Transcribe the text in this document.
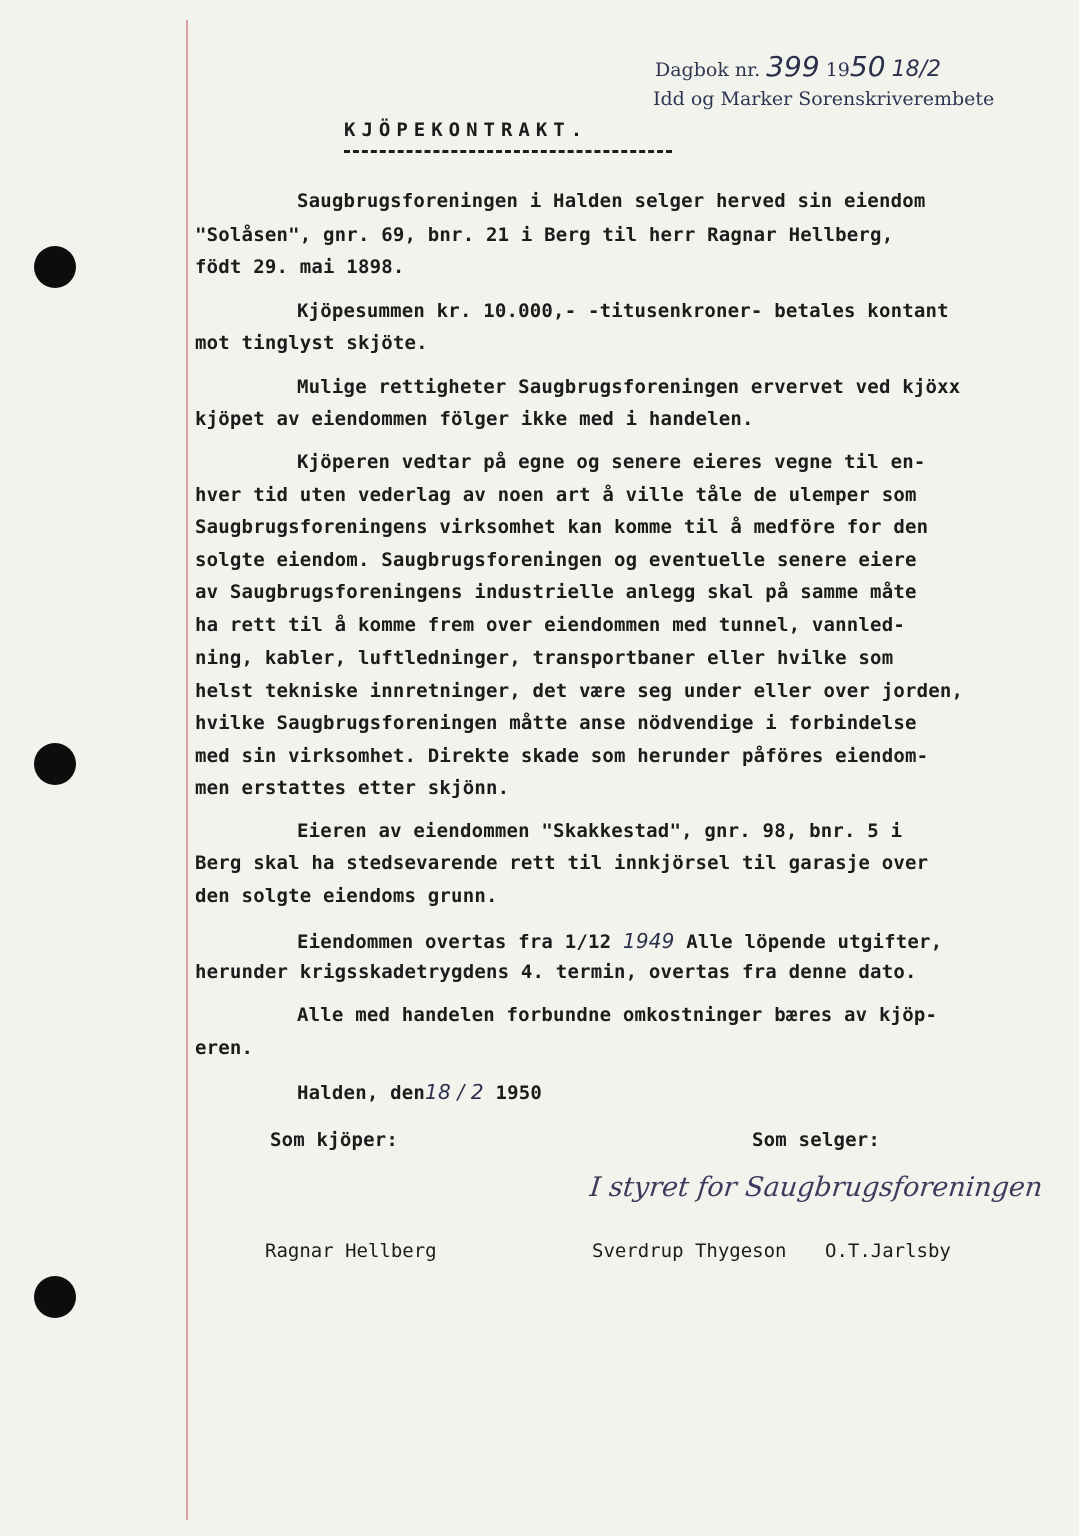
Dagbok nr. 399 1950 18/2
Idd og Marker Sorenskriverembete
KJÖPEKONTRAKT.
Saugbrugsforeningen i Halden selger herved sin eiendom
"Solåsen", gnr. 69, bnr. 21 i Berg til herr Ragnar Hellberg,
födt 29. mai 1898.
Kjöpesummen kr. 10.000,- -titusenkroner- betales kontant
mot tinglyst skjöte.
Mulige rettigheter Saugbrugsforeningen ervervet ved kjöxx
kjöpet av eiendommen fölger ikke med i handelen.
Kjöperen vedtar på egne og senere eieres vegne til en-
hver tid uten vederlag av noen art å ville tåle de ulemper som
Saugbrugsforeningens virksomhet kan komme til å medföre for den
solgte eiendom. Saugbrugsforeningen og eventuelle senere eiere
av Saugbrugsforeningens industrielle anlegg skal på samme måte
ha rett til å komme frem over eiendommen med tunnel, vannled-
ning, kabler, luftledninger, transportbaner eller hvilke som
helst tekniske innretninger, det være seg under eller over jorden,
hvilke Saugbrugsforeningen måtte anse nödvendige i forbindelse
med sin virksomhet. Direkte skade som herunder påföres eiendom-
men erstattes etter skjönn.
Eieren av eiendommen "Skakkestad", gnr. 98, bnr. 5 i
Berg skal ha stedsevarende rett til innkjörsel til garasje over
den solgte eiendoms grunn.
Eiendommen overtas fra 1/12 1949 Alle löpende utgifter,
herunder krigsskadetrygdens 4. termin, overtas fra denne dato.
Alle med handelen forbundne omkostninger bæres av kjöp-
eren.
Halden, den18 / 2 1950
Som kjöper:	Som selger:
I styret for Saugbrugsforeningen
Ragnar Hellberg	Sverdrup Thygeson O.T.Jarlsby
